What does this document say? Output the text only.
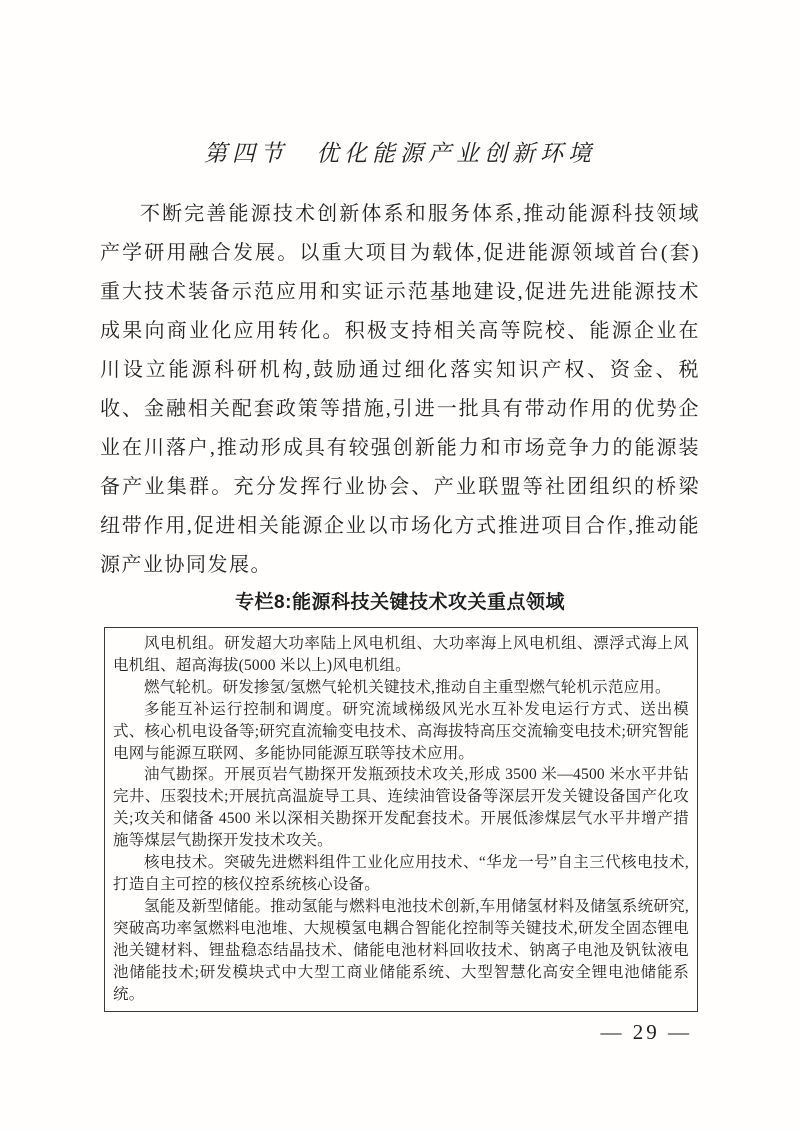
第四节　优化能源产业创新环境

不断完善能源技术创新体系和服务体系,推动能源科技领域产学研用融合发展。以重大项目为载体,促进能源领域首台(套)重大技术装备示范应用和实证示范基地建设,促进先进能源技术成果向商业化应用转化。积极支持相关高等院校、能源企业在川设立能源科研机构,鼓励通过细化落实知识产权、资金、税收、金融相关配套政策等措施,引进一批具有带动作用的优势企业在川落户,推动形成具有较强创新能力和市场竞争力的能源装备产业集群。充分发挥行业协会、产业联盟等社团组织的桥梁纽带作用,促进相关能源企业以市场化方式推进项目合作,推动能源产业协同发展。

专栏8:能源科技关键技术攻关重点领域

风电机组。研发超大功率陆上风电机组、大功率海上风电机组、漂浮式海上风电机组、超高海拔(5000 米以上)风电机组。

燃气轮机。研发掺氢/氢燃气轮机关键技术,推动自主重型燃气轮机示范应用。

多能互补运行控制和调度。研究流域梯级风光水互补发电运行方式、送出模式、核心机电设备等;研究直流输变电技术、高海拔特高压交流输变电技术;研究智能电网与能源互联网、多能协同能源互联等技术应用。

油气勘探。开展页岩气勘探开发瓶颈技术攻关,形成 3500 米—4500 米水平井钻完井、压裂技术;开展抗高温旋导工具、连续油管设备等深层开发关键设备国产化攻关;攻关和储备 4500 米以深相关勘探开发配套技术。开展低渗煤层气水平井增产措施等煤层气勘探开发技术攻关。

核电技术。突破先进燃料组件工业化应用技术、“华龙一号”自主三代核电技术,打造自主可控的核仪控系统核心设备。

氢能及新型储能。推动氢能与燃料电池技术创新,车用储氢材料及储氢系统研究,突破高功率氢燃料电池堆、大规模氢电耦合智能化控制等关键技术,研发全固态锂电池关键材料、锂盐稳态结晶技术、储能电池材料回收技术、钠离子电池及钒钛液电池储能技术;研发模块式中大型工商业储能系统、大型智慧化高安全锂电池储能系统。

— 29 —
